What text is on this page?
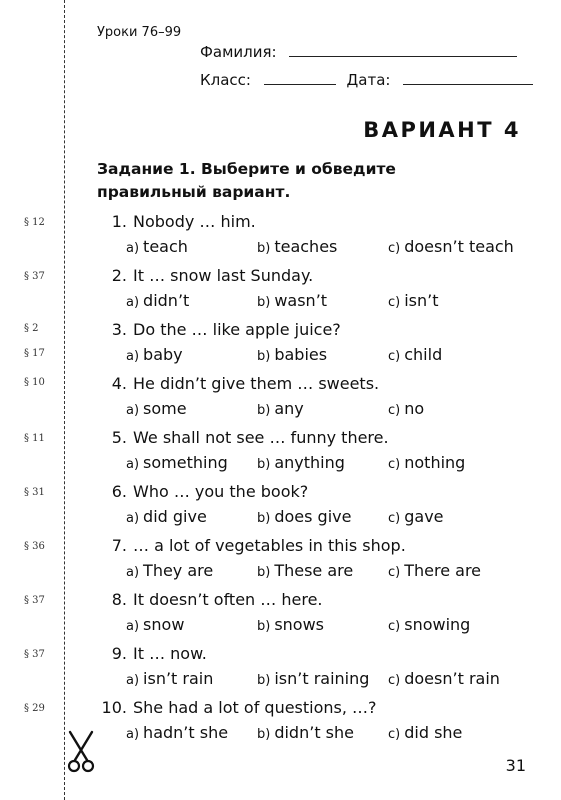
Уроки 76–99
Фамилия:
Класс:	Дата:
ВАРИАНТ 4
Задание 1. Выберите и обведите
правильный вариант.
§ 12
§ 37
§ 2
§ 17
§ 10
§ 11
§ 31
§ 36
§ 37
§ 37
§ 29
1. Nobody … him.
a) teach	b) teaches	c) doesn’t teach
2. It … snow last Sunday.
a) didn’t	b) wasn’t	c) isn’t
3. Do the … like apple juice?
a) baby	b) babies	c) child
4. He didn’t give them … sweets.
a) some	b) any	c) no
5. We shall not see … funny there.
a) something b) anything	c) nothing
6. Who … you the book?
a) did give	b) does give	c) gave
7. … a lot of vegetables in this shop.
a) They are	b) These are	c) There are
8. It doesn’t often … here.
a) snow	b) snows	c) snowing
9. It … now.
a) isn’t rain	b) isn’t raining c) doesn’t rain
10. She had a lot of questions, …?
a) hadn’t she b) didn’t she	c) did she
31
